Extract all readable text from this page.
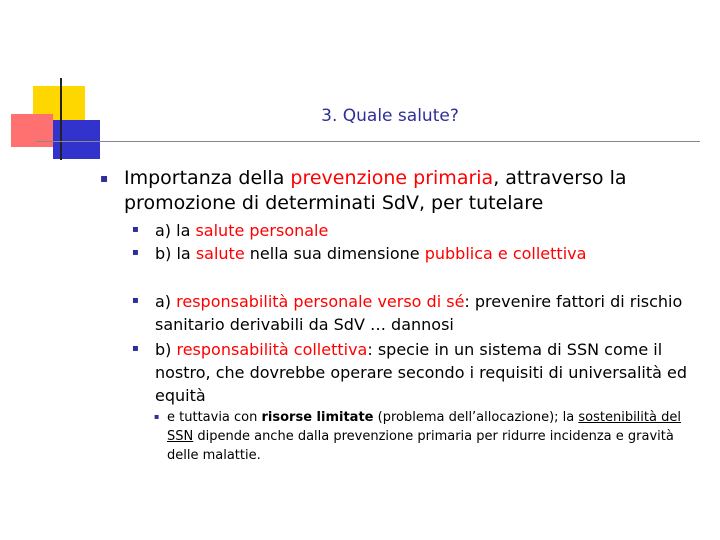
3. Quale salute?
▪ Importanza della prevenzione primaria, attraverso la promozione di determinati SdV, per tutelare
▪ a) la salute personale
▪ b) la salute nella sua dimensione pubblica e collettiva
▪ a) responsabilità personale verso di sé: prevenire fattori di rischio sanitario derivabili da SdV … dannosi
▪ b) responsabilità collettiva: specie in un sistema di SSN come il nostro, che dovrebbe operare secondo i requisiti di universalità ed equità
▪ e tuttavia con risorse limitate (problema dell’allocazione); la sostenibilità del SSN dipende anche dalla prevenzione primaria per ridurre incidenza e gravità delle malattie.
